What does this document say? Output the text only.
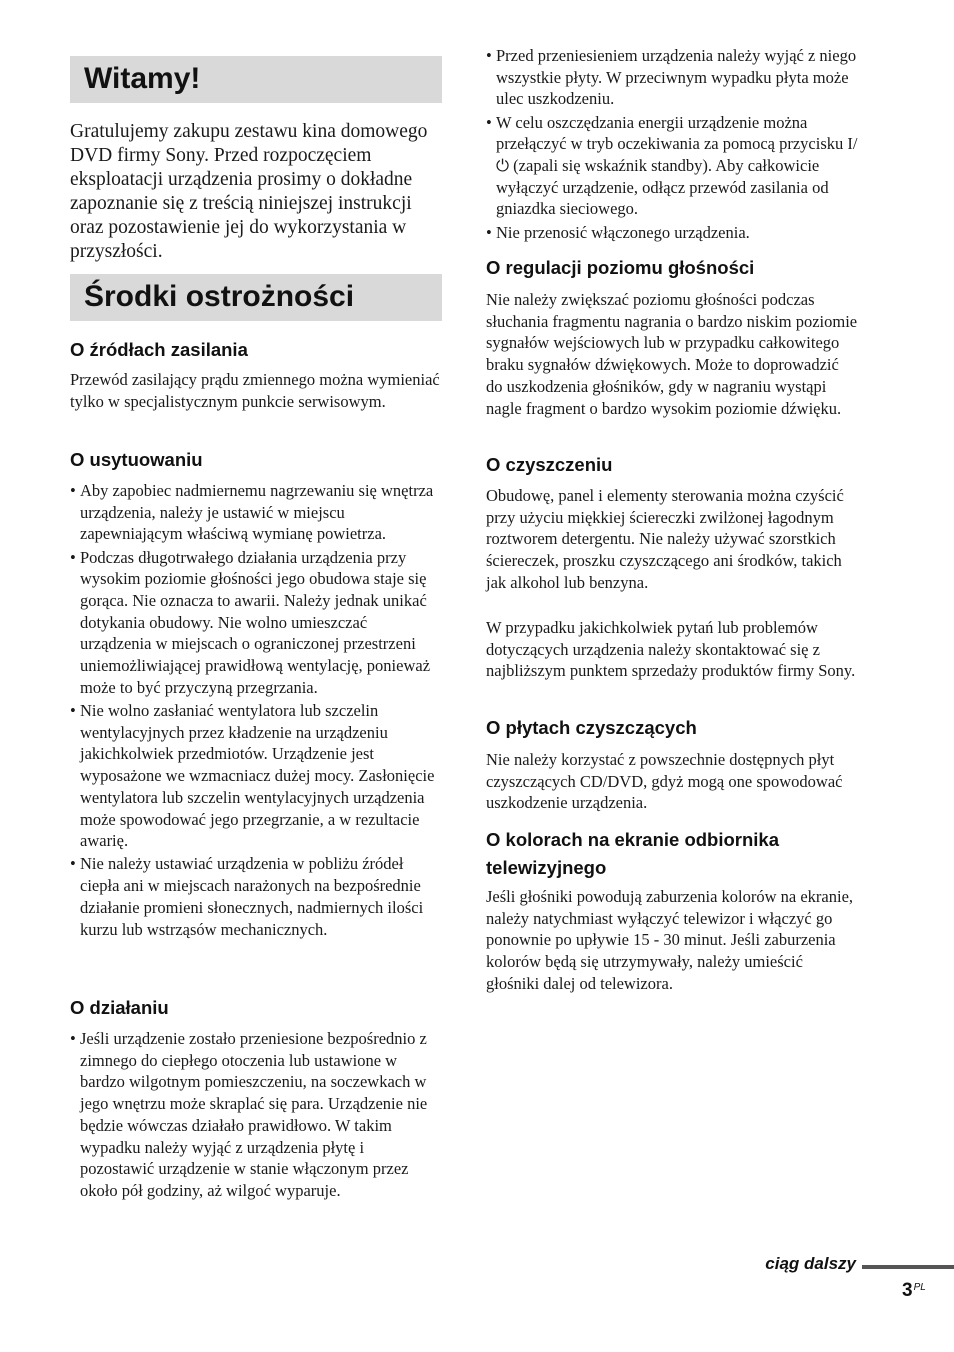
Witamy!
Gratulujemy zakupu zestawu kina domowego DVD firmy Sony. Przed rozpoczęciem eksploatacji urządzenia prosimy o dokładne zapoznanie się z treścią niniejszej instrukcji oraz pozostawienie jej do wykorzystania w przyszłości.
Środki ostrożności
O źródłach zasilania
Przewód zasilający prądu zmiennego można wymieniać tylko w specjalistycznym punkcie serwisowym.
O usytuowaniu
• Aby zapobiec nadmiernemu nagrzewaniu się wnętrza urządzenia, należy je ustawić w miejscu zapewniającym właściwą wymianę powietrza.
• Podczas długotrwałego działania urządzenia przy wysokim poziomie głośności jego obudowa staje się gorąca. Nie oznacza to awarii. Należy jednak unikać dotykania obudowy. Nie wolno umieszczać urządzenia w miejscach o ograniczonej przestrzeni uniemożliwiającej prawidłową wentylację, ponieważ może to być przyczyną przegrzania.
• Nie wolno zasłaniać wentylatora lub szczelin wentylacyjnych przez kładzenie na urządzeniu jakichkolwiek przedmiotów. Urządzenie jest wyposażone we wzmacniacz dużej mocy. Zasłonięcie wentylatora lub szczelin wentylacyjnych urządzenia może spowodować jego przegrzanie, a w rezultacie awarię.
• Nie należy ustawiać urządzenia w pobliżu źródeł ciepła ani w miejscach narażonych na bezpośrednie działanie promieni słonecznych, nadmiernych ilości kurzu lub wstrząsów mechanicznych.
O działaniu
• Jeśli urządzenie zostało przeniesione bezpośrednio z zimnego do ciepłego otoczenia lub ustawione w bardzo wilgotnym pomieszczeniu, na soczewkach w jego wnętrzu może skraplać się para. Urządzenie nie będzie wówczas działało prawidłowo. W takim wypadku należy wyjąć z urządzenia płytę i pozostawić urządzenie w stanie włączonym przez około pół godziny, aż wilgoć wyparuje.
• Przed przeniesieniem urządzenia należy wyjąć z niego wszystkie płyty. W przeciwnym wypadku płyta może ulec uszkodzeniu.
• W celu oszczędzania energii urządzenie można przełączyć w tryb oczekiwania za pomocą przycisku I/⏻ (zapali się wskaźnik standby). Aby całkowicie wyłączyć urządzenie, odłącz przewód zasilania od gniazdka sieciowego.
• Nie przenosić włączonego urządzenia.
O regulacji poziomu głośności
Nie należy zwiększać poziomu głośności podczas słuchania fragmentu nagrania o bardzo niskim poziomie sygnałów wejściowych lub w przypadku całkowitego braku sygnałów dźwiękowych. Może to doprowadzić do uszkodzenia głośników, gdy w nagraniu wystąpi nagle fragment o bardzo wysokim poziomie dźwięku.
O czyszczeniu
Obudowę, panel i elementy sterowania można czyścić przy użyciu miękkiej ściereczki zwilżonej łagodnym roztworem detergentu. Nie należy używać szorstkich ściereczek, proszku czyszczącego ani środków, takich jak alkohol lub benzyna.
W przypadku jakichkolwiek pytań lub problemów dotyczących urządzenia należy skontaktować się z najbliższym punktem sprzedaży produktów firmy Sony.
O płytach czyszczących
Nie należy korzystać z powszechnie dostępnych płyt czyszczących CD/DVD, gdyż mogą one spowodować uszkodzenie urządzenia.
O kolorach na ekranie odbiornika telewizyjnego
Jeśli głośniki powodują zaburzenia kolorów na ekranie, należy natychmiast wyłączyć telewizor i włączyć go ponownie po upływie 15 - 30 minut. Jeśli zaburzenia kolorów będą się utrzymywały, należy umieścić głośniki dalej od telewizora.
ciąg dalszy
$3^{PL}$
